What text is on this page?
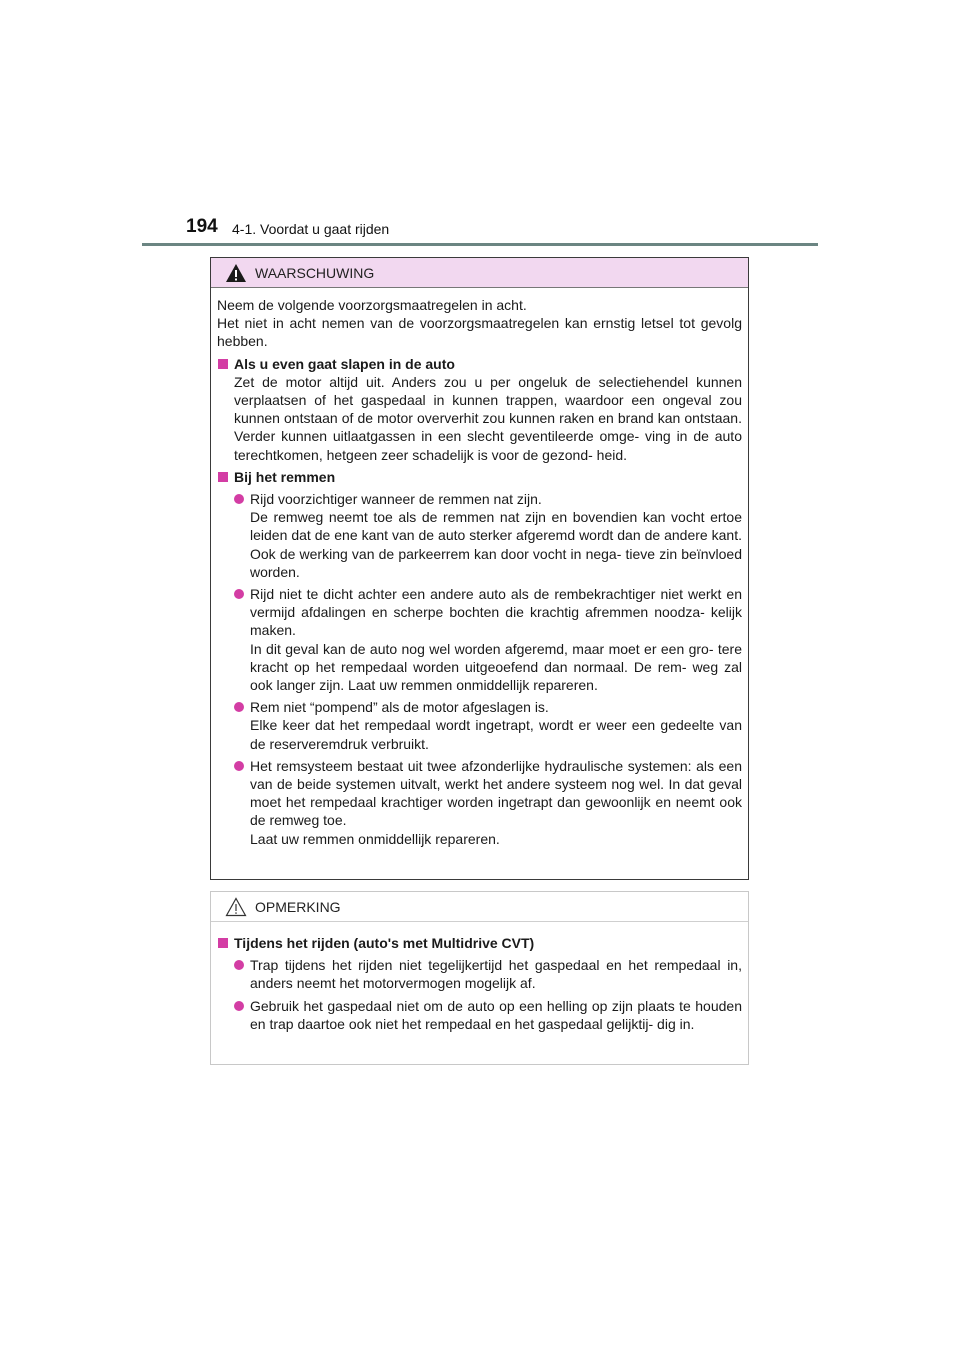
194 4-1. Voordat u gaat rijden
WAARSCHUWING
Neem de volgende voorzorgsmaatregelen in acht.
Het niet in acht nemen van de voorzorgsmaatregelen kan ernstig letsel tot gevolg hebben.
Als u even gaat slapen in de auto
Zet de motor altijd uit. Anders zou u per ongeluk de selectiehendel kunnen verplaatsen of het gaspedaal in kunnen trappen, waardoor een ongeval zou kunnen ontstaan of de motor oververhit zou kunnen raken en brand kan ontstaan. Verder kunnen uitlaatgassen in een slecht geventileerde omge- ving in de auto terechtkomen, hetgeen zeer schadelijk is voor de gezond- heid.
Bij het remmen
Rijd voorzichtiger wanneer de remmen nat zijn.
De remweg neemt toe als de remmen nat zijn en bovendien kan vocht ertoe leiden dat de ene kant van de auto sterker afgeremd wordt dan de andere kant. Ook de werking van de parkeerrem kan door vocht in nega- tieve zin beïnvloed worden.
Rijd niet te dicht achter een andere auto als de rembekrachtiger niet werkt en vermijd afdalingen en scherpe bochten die krachtig afremmen noodza- kelijk maken.
In dit geval kan de auto nog wel worden afgeremd, maar moet er een gro- tere kracht op het rempedaal worden uitgeoefend dan normaal. De rem- weg zal ook langer zijn. Laat uw remmen onmiddellijk repareren.
Rem niet “pompend” als de motor afgeslagen is.
Elke keer dat het rempedaal wordt ingetrapt, wordt er weer een gedeelte van de reserveremdruk verbruikt.
Het remsysteem bestaat uit twee afzonderlijke hydraulische systemen: als een van de beide systemen uitvalt, werkt het andere systeem nog wel. In dat geval moet het rempedaal krachtiger worden ingetrapt dan gewoonlijk en neemt ook de remweg toe.
Laat uw remmen onmiddellijk repareren.
OPMERKING
Tijdens het rijden (auto's met Multidrive CVT)
Trap tijdens het rijden niet tegelijkertijd het gaspedaal en het rempedaal in, anders neemt het motorvermogen mogelijk af.
Gebruik het gaspedaal niet om de auto op een helling op zijn plaats te houden en trap daartoe ook niet het rempedaal en het gaspedaal gelijktij- dig in.
